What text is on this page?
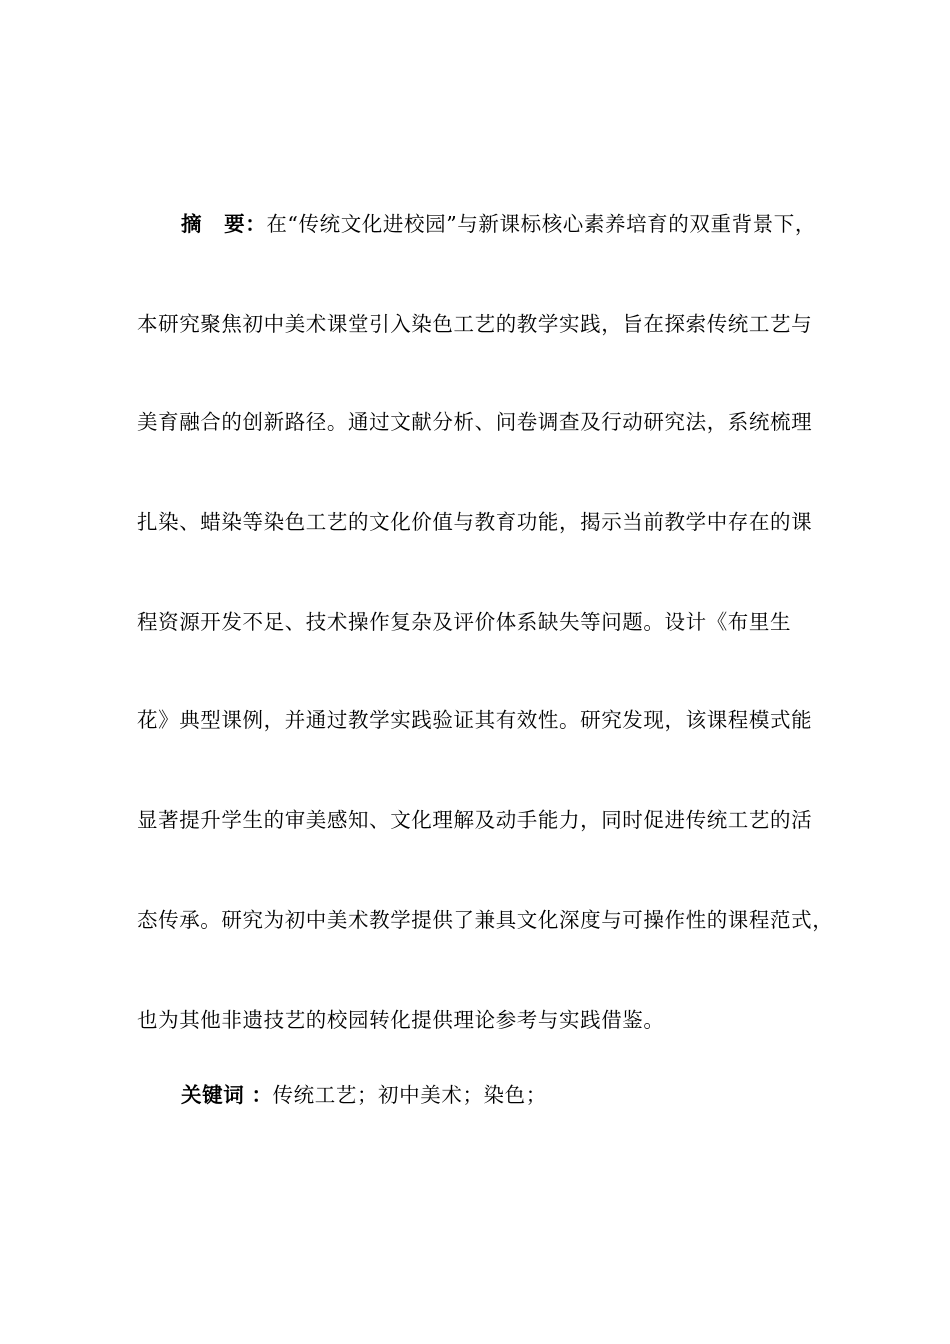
摘 要：在“传统文化进校园”与新课标核心素养培育的双重背景下，
本研究聚焦初中美术课堂引入染色工艺的教学实践，旨在探索传统工艺与
美育融合的创新路径。通过文献分析、问卷调查及行动研究法，系统梳理
扎染、蜡染等染色工艺的文化价值与教育功能，揭示当前教学中存在的课
程资源开发不足、技术操作复杂及评价体系缺失等问题。设计《布里生
花》典型课例，并通过教学实践验证其有效性。研究发现，该课程模式能
显著提升学生的审美感知、文化理解及动手能力，同时促进传统工艺的活
态传承。研究为初中美术教学提供了兼具文化深度与可操作性的课程范式，
也为其他非遗技艺的校园转化提供理论参考与实践借鉴。
关键词 ：传统工艺；初中美术；染色；
